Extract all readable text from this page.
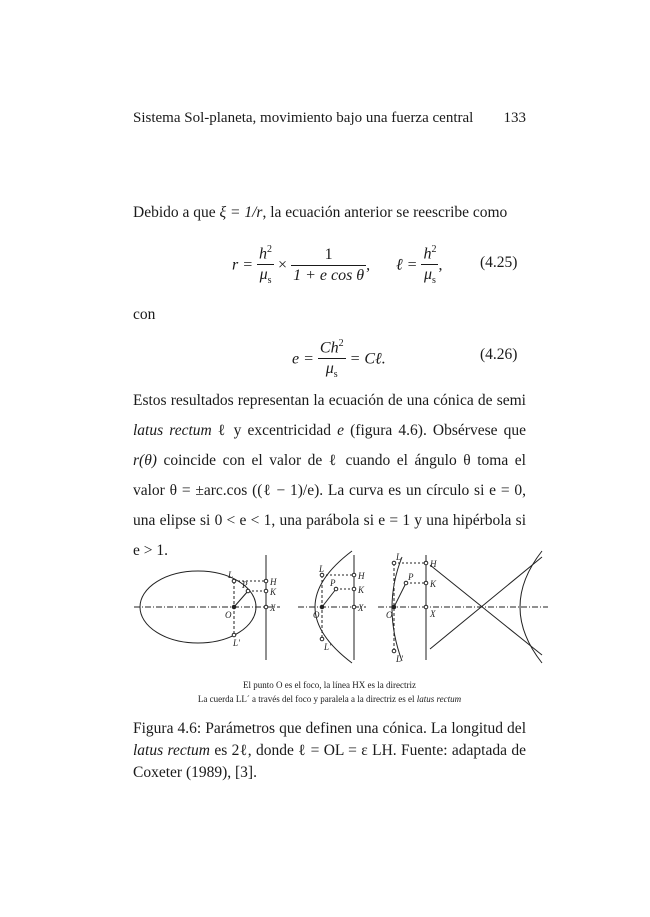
Sistema Sol-planeta, movimiento bajo una fuerza central 133
Debido a que ξ = 1/r, la ecuación anterior se reescribe como
$r = \frac{h^2}{\mu_s} \times \frac{1}{\text{1 + e cos θ}}$ , ℓ = $\frac{h^2}{\mu_s}$ , (4.25)
con
$e = \frac{Ch^2}{\mu_s}$ = Cℓ.	(4.26)
Estos resultados representan la ecuación de una cónica de semi latus rectum ℓ y excentricidad e (figura 4.6). Obsérvese que r(θ) coincide con el valor de ℓ cuando el ángulo θ toma el valor θ = ±arc.cos ((ℓ − 1)/e). La curva es un círculo si e = 0, una elipse si 0 < e < 1, una parábola si e = 1 y una hipérbola si e > 1.
L
P	H
K
X
O
L′
L
P
H
K
X
O
L′
L
P
H
K
X
O
L′
El punto O es el foco, la línea HX es la directriz
La cuerda LL´ a través del foco y paralela a la directriz es el latus rectum
Figura 4.6: Parámetros que definen una cónica. La longitud del latus rectum es 2ℓ, donde ℓ = OL = ε LH. Fuente: adaptada de Coxeter (1989), [3].
